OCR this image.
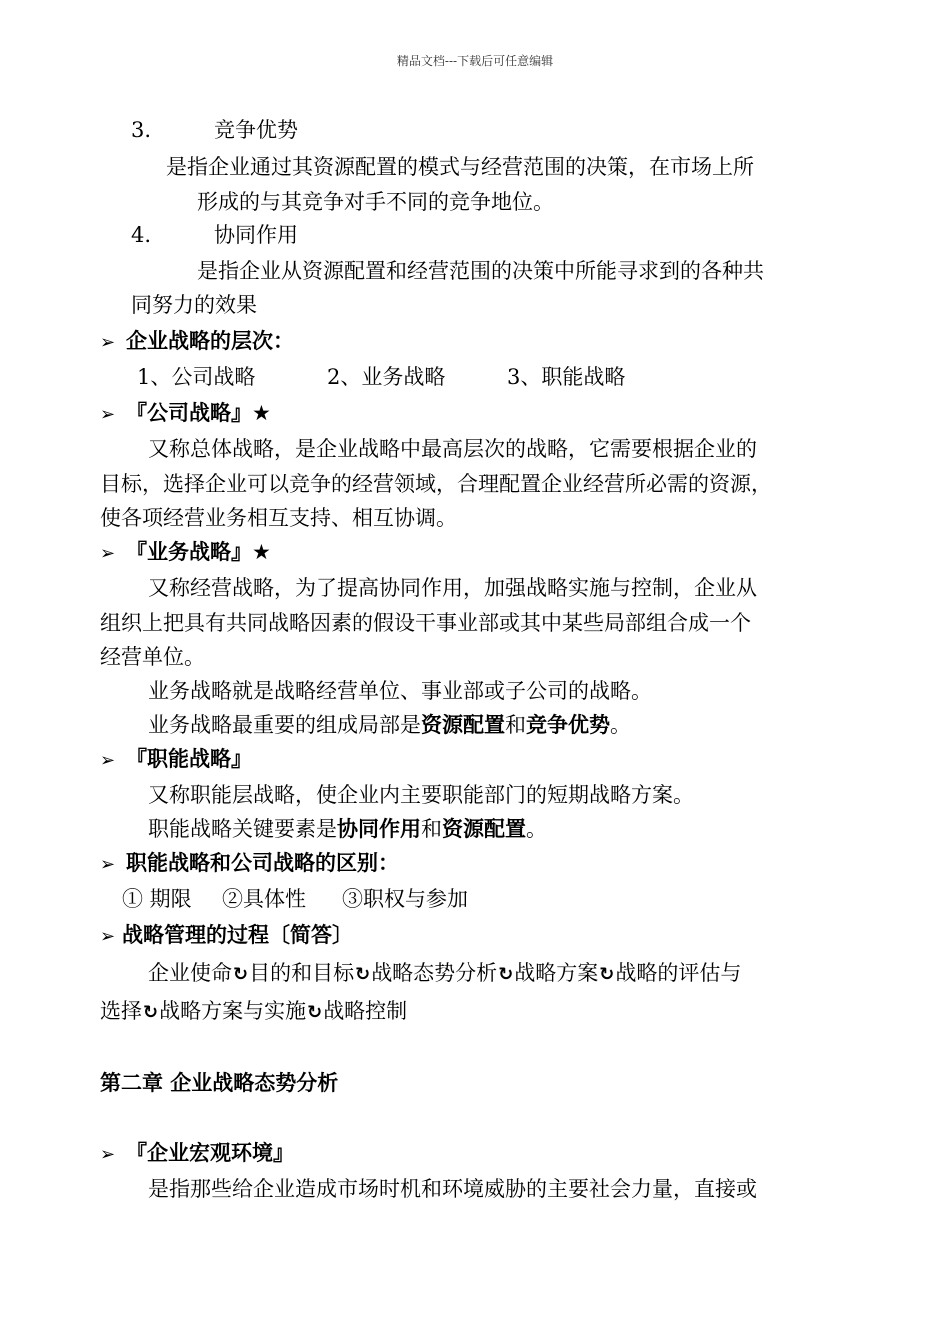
精品文档---下载后可任意编辑
3.	竞争优势
是指企业通过其资源配置的模式与经营范围的决策，在市场上所
形成的与其竞争对手不同的竞争地位。
4.	协同作用
是指企业从资源配置和经营范围的决策中所能寻求到的各种共
同努力的效果
➢ 企业战略的层次：
1、公司战略	2、业务战略	3、职能战略
➢ 『公司战略』★
又称总体战略，是企业战略中最高层次的战略，它需要根据企业的
目标，选择企业可以竞争的经营领域，合理配置企业经营所必需的资源，
使各项经营业务相互支持、相互协调。
➢ 『业务战略』★
又称经营战略，为了提高协同作用，加强战略实施与控制，企业从
组织上把具有共同战略因素的假设干事业部或其中某些局部组合成一个
经营单位。
业务战略就是战略经营单位、事业部或子公司的战略。
业务战略最重要的组成局部是资源配置和竞争优势。
➢ 『职能战略』
又称职能层战略，使企业内主要职能部门的短期战略方案。
职能战略关键要素是协同作用和资源配置。
➢ 职能战略和公司战略的区别：
① 期限 ②具体性 ③职权与参加
➢ 战略管理的过程〔简答〕
企业使命↻目的和目标↻战略态势分析↻战略方案↻战略的评估与
选择↻战略方案与实施↻战略控制
第二章 企业战略态势分析
➢ 『企业宏观环境』
是指那些给企业造成市场时机和环境威胁的主要社会力量，直接或
